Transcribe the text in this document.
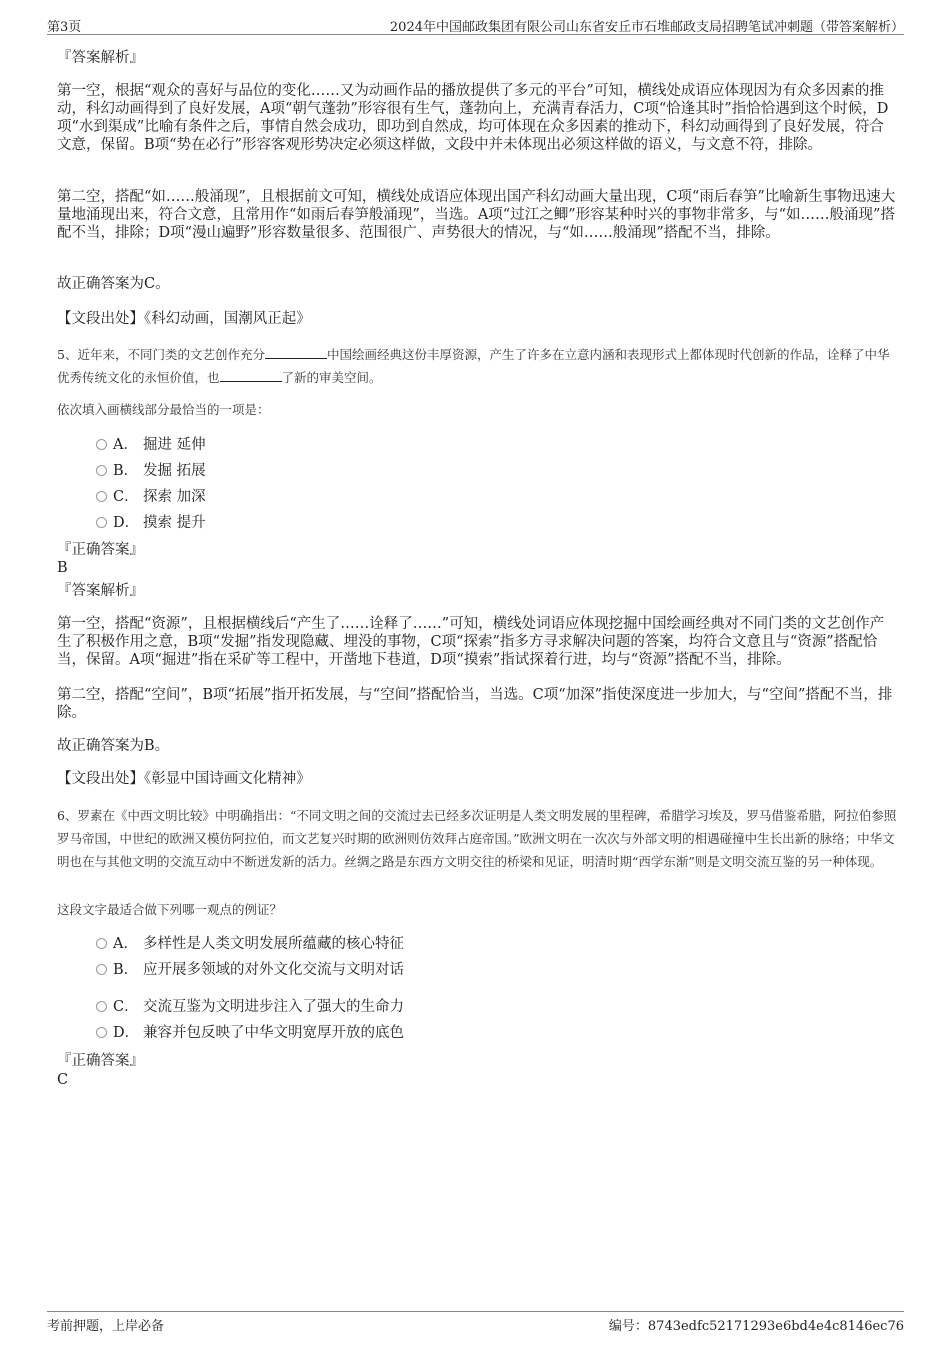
第3页	2024年中国邮政集团有限公司山东省安丘市石堆邮政支局招聘笔试冲刺题（带答案解析）
『答案解析』

第一空，根据“观众的喜好与品位的变化……又为动画作品的播放提供了多元的平台”可知，横线处成语应体现因为有众多因素的推动，科幻动画得到了良好发展，A项“朝气蓬勃”形容很有生气，蓬勃向上，充满青春活力，C项“恰逢其时”指恰恰遇到这个时候，D项“水到渠成”比喻有条件之后，事情自然会成功，即功到自然成，均可体现在众多因素的推动下，科幻动画得到了良好发展，符合文意，保留。B项“势在必行”形容客观形势决定必须这样做，文段中并未体现出必须这样做的语义，与文意不符，排除。

第二空，搭配“如……般涌现”，且根据前文可知，横线处成语应体现出国产科幻动画大量出现，C项“雨后春笋”比喻新生事物迅速大量地涌现出来，符合文意，且常用作“如雨后春笋般涌现”，当选。A项“过江之鲫”形容某种时兴的事物非常多，与“如……般涌现”搭配不当，排除；D项“漫山遍野”形容数量很多、范围很广、声势很大的情况，与“如……般涌现”搭配不当，排除。

故正确答案为C。
【文段出处】《科幻动画，国潮风正起》

5、近年来，不同门类的文艺创作充分	中国绘画经典这份丰厚资源，产生了许多在立意内涵和表现形式上都体现时代创新的作品，诠释了中华优秀传统文化的永恒价值，也	了新的审美空间。

依次填入画横线部分最恰当的一项是：
A． 掘进 延伸
B． 发掘 拓展
C． 探索 加深
D． 摸索 提升
『正确答案』
B
『答案解析』

第一空，搭配“资源”，且根据横线后“产生了……诠释了……”可知，横线处词语应体现挖掘中国绘画经典对不同门类的文艺创作产生了积极作用之意，B项“发掘”指发现隐藏、埋没的事物，C项“探索”指多方寻求解决问题的答案，均符合文意且与“资源”搭配恰当，保留。A项“掘进”指在采矿等工程中，开凿地下巷道，D项“摸索”指试探着行进，均与“资源”搭配不当，排除。

第二空，搭配“空间”，B项“拓展”指开拓发展，与“空间”搭配恰当，当选。C项“加深”指使深度进一步加大，与“空间”搭配不当，排除。

故正确答案为B。
【文段出处】《彰显中国诗画文化精神》

6、罗素在《中西文明比较》中明确指出：“不同文明之间的交流过去已经多次证明是人类文明发展的里程碑，希腊学习埃及，罗马借鉴希腊，阿拉伯参照罗马帝国，中世纪的欧洲又模仿阿拉伯，而文艺复兴时期的欧洲则仿效拜占庭帝国。”欧洲文明在一次次与外部文明的相遇碰撞中生长出新的脉络；中华文明也在与其他文明的交流互动中不断迸发新的活力。丝绸之路是东西方文明交往的桥梁和见证，明清时期“西学东渐”则是文明交流互鉴的另一种体现。

这段文字最适合做下列哪一观点的例证？
A． 多样性是人类文明发展所蕴藏的核心特征
B． 应开展多领域的对外文化交流与文明对话
C． 交流互鉴为文明进步注入了强大的生命力
D． 兼容并包反映了中华文明宽厚开放的底色
『正确答案』
C
考前押题，上岸必备	编号：8743edfc52171293e6bd4e4c8146ec76
